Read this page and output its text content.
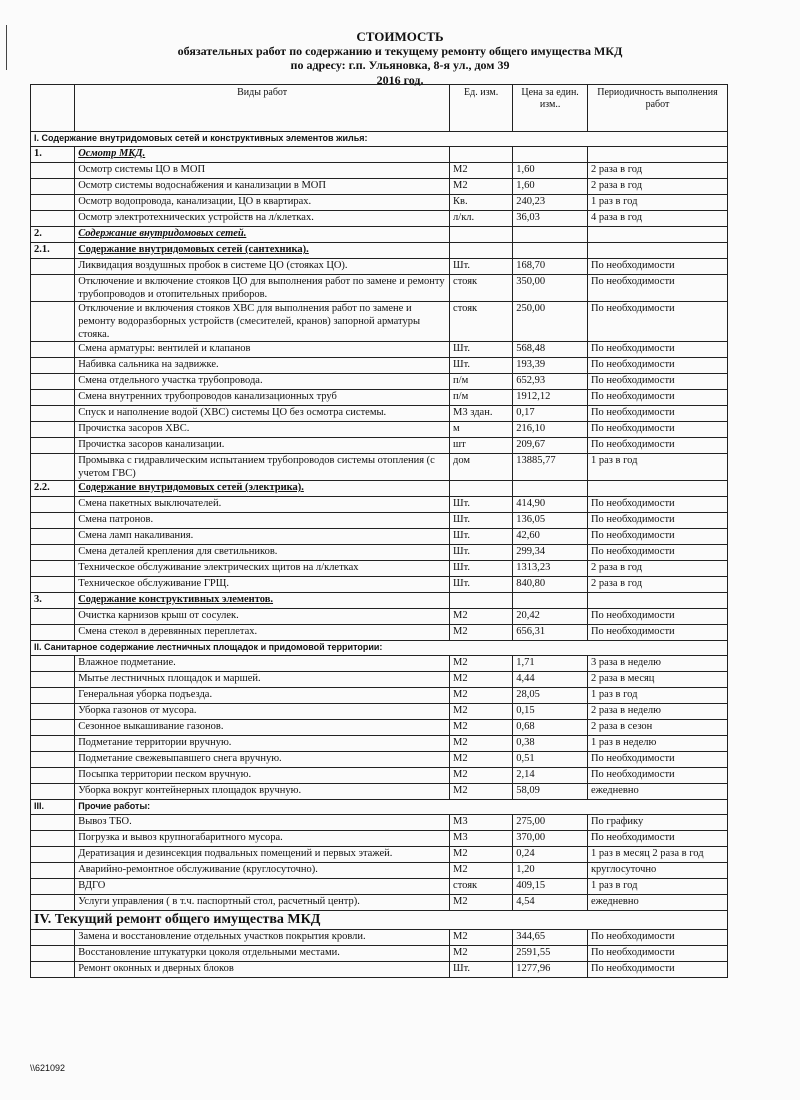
СТОИМОСТЬ
обязательных работ по содержанию и текущему ремонту общего имущества МКД
по адресу: г.п. Ульяновка, 8-я ул., дом 39
2016 год.
	Виды работ	Ед. изм.	Цена за един. изм..	Периодичность выполнения работ
I. Содержание внутридомовых сетей и конструктивных элементов жилья:				
1.	Осмотр МКД.			
	Осмотр системы ЦО в МОП	М2	1,60	2 раза в год
	Осмотр системы водоснабжения и канализации в МОП	М2	1,60	2 раза в год
	Осмотр водопровода, канализации, ЦО в квартирах.	Кв.	240,23	1 раз в год
	Осмотр электротехнических устройств на л/клетках.	л/кл.	36,03	4 раза в год
2.	Содержание внутридомовых сетей.			
2.1.	Содержание внутридомовых сетей (сантехника).			
	Ликвидация воздушных пробок в системе ЦО (стояках ЦО).	Шт.	168,70	По необходимости
	Отключение и включение стояков ЦО для выполнения работ по замене и ремонту трубопроводов и отопительных приборов.	стояк	350,00	По необходимости
	Отключение и включения стояков ХВС для выполнения работ по замене и ремонту водоразборных устройств (смесителей, кранов) запорной арматуры стояка.	стояк	250,00	По необходимости
	Смена арматуры: вентилей и клапанов	Шт.	568,48	По необходимости
	Набивка сальника на задвижке.	Шт.	193,39	По необходимости
	Смена отдельного участка трубопровода.	п/м	652,93	По необходимости
	Смена внутренних трубопроводов канализационных труб	п/м	1912,12	По необходимости
	Спуск и наполнение водой (ХВС) системы ЦО без осмотра системы.	М3 здан.	0,17	По необходимости
	Прочистка засоров ХВС.	м	216,10	По необходимости
	Прочистка засоров канализации.	шт	209,67	По необходимости
	Промывка с гидравлическим испытанием трубопроводов системы отопления (с учетом ГВС)	дом	13885,77	1 раз в год
2.2.	Содержание внутридомовых сетей (электрика).			
	Смена пакетных выключателей.	Шт.	414,90	По необходимости
	Смена патронов.	Шт.	136,05	По необходимости
	Смена ламп накаливания.	Шт.	42,60	По необходимости
	Смена деталей крепления для светильников.	Шт.	299,34	По необходимости
	Техническое обслуживание электрических щитов на л/клетках	Шт.	1313,23	2 раза в год
	Техническое обслуживание ГРЩ.	Шт.	840,80	2 раза в год
3.	Содержание конструктивных элементов.			
	Очистка карнизов крыш от сосулек.	М2	20,42	По необходимости
	Смена стекол в деревянных переплетах.	М2	656,31	По необходимости
II. Санитарное содержание лестничных площадок и придомовой территории:				
	Влажное подметание.	М2	1,71	3 раза в неделю
	Мытье лестничных площадок и маршей.	М2	4,44	2 раза в месяц
	Генеральная уборка подъезда.	М2	28,05	1 раз в год
	Уборка газонов от мусора.	М2	0,15	2 раза в неделю
	Сезонное выкашивание газонов.	М2	0,68	2 раза в сезон
	Подметание территории вручную.	М2	0,38	1 раз в неделю
	Подметание свежевыпавшего снега вручную.	М2	0,51	По необходимости
	Посыпка территории песком вручную.	М2	2,14	По необходимости
	Уборка вокруг контейнерных площадок вручную.	М2	58,09	ежедневно
III.	Прочие работы:			
	Вывоз ТБО.	М3	275,00	По графику
	Погрузка и вывоз крупногабаритного мусора.	М3	370,00	По необходимости
	Дератизация и дезинсекция подвальных помещений и первых этажей.	М2	0,24	1 раз в месяц 2 раза в год
	Аварийно-ремонтное обслуживание (круглосуточно).	М2	1,20	круглосуточно
	ВДГО	стояк	409,15	1 раз в год
	Услуги управления ( в т.ч. паспортный стол, расчетный центр).	М2	4,54	ежедневно
IV. Текущий ремонт общего имущества МКД				
	Замена и восстановление отдельных участков покрытия кровли.	М2	344,65	По необходимости
	Восстановление штукатурки цоколя отдельными местами.	М2	2591,55	По необходимости
	Ремонт оконных и дверных блоков	Шт.	1277,96	По необходимости
\\621092
